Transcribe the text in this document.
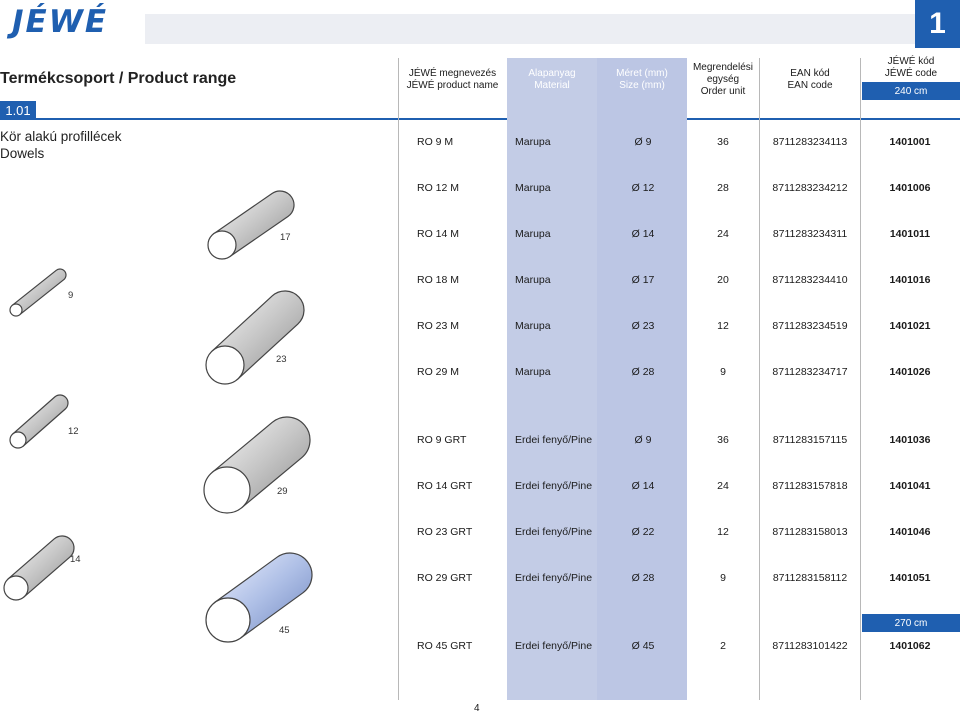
JÉWÉ	1
Termékcsoport / Product range
1.01
Kör alakú profillécek
Dowels
JÉWÉ megnevezés
JÉWÉ product name
Alapanyag
Material
Méret (mm)
Size (mm)
Megrendelési
egység
Order unit
EAN kód
EAN code
JÉWÉ kód
JÉWÉ code
240 cm
270 cm
RO 9 M	Marupa	Ø 9	36	8711283234113	1401001
RO 12 M	Marupa	Ø 12	28	8711283234212	1401006
RO 14 M	Marupa	Ø 14	24	8711283234311	1401011
RO 18 M	Marupa	Ø 17	20	8711283234410	1401016
RO 23 M	Marupa	Ø 23	12	8711283234519	1401021
RO 29 M	Marupa	Ø 28	9	8711283234717	1401026
RO 9 GRT	Erdei fenyő/Pine	Ø 9	36	8711283157115	1401036
RO 14 GRT	Erdei fenyő/Pine	Ø 14	24	8711283157818	1401041
RO 23 GRT	Erdei fenyő/Pine	Ø 22	12	8711283158013	1401046
RO 29 GRT	Erdei fenyő/Pine	Ø 28	9	8711283158112	1401051
RO 45 GRT	Erdei fenyő/Pine	Ø 45	2	8711283101422	1401062
17
9
23
12
29
14
45
4
